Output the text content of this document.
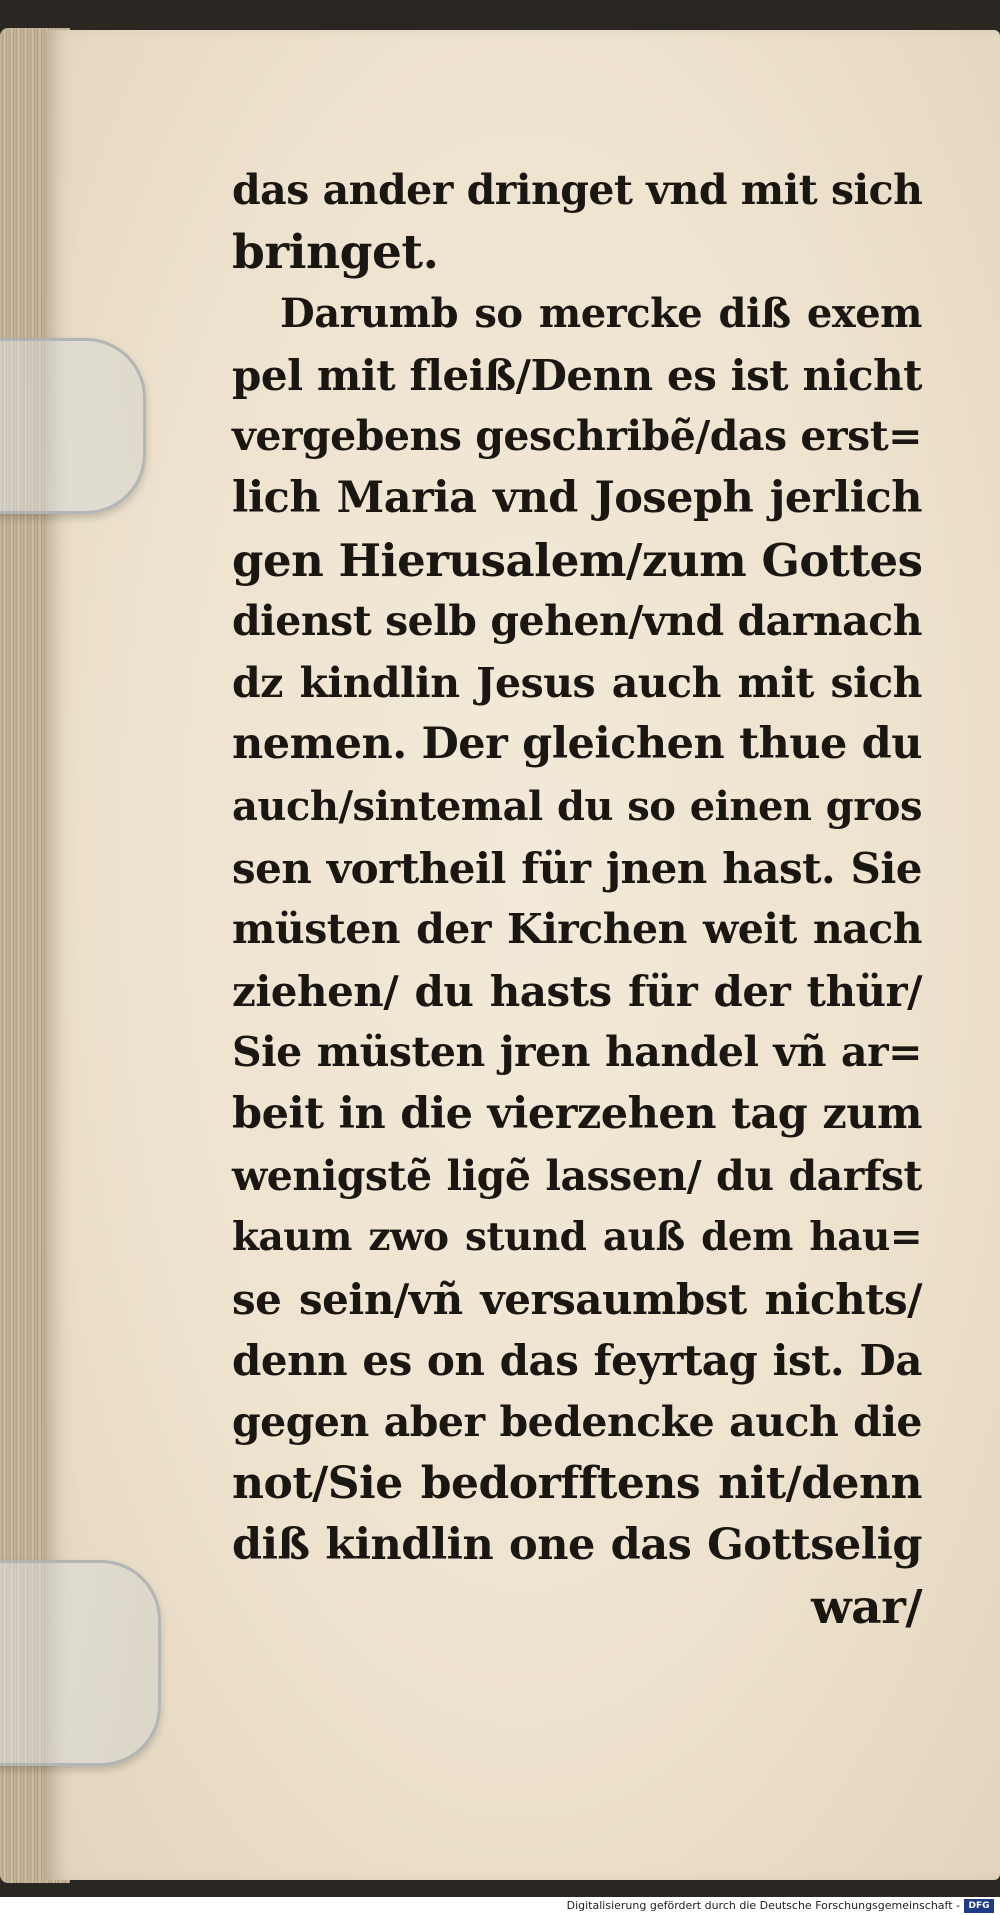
das ander dringet vnd mit sich
bringet.
Darumb so mercke diß exem
pel mit fleiß/Denn es ist nicht
vergebens geschribẽ/das erst=
lich Maria vnd Joseph jerlich
gen Hierusalem/zum Gottes
dienst selb gehen/vnd darnach
dz kindlin Jesus auch mit sich
nemen. Der gleichen thue du
auch/sintemal du so einen gros
sen vortheil für jnen hast. Sie
müsten der Kirchen weit nach
ziehen/ du hasts für der thür/
Sie müsten jren handel vñ ar=
beit in die vierzehen tag zum
wenigstẽ ligẽ lassen/ du darfst
kaum zwo stund auß dem hau=
se sein/vñ versaumbst nichts/
denn es on das feyrtag ist. Da
gegen aber bedencke auch die
not/Sie bedorfftens nit/denn
diß kindlin one das Gottselig
war/
Digitalisierung gefördert durch die Deutsche Forschungsgemeinschaft - DFG
